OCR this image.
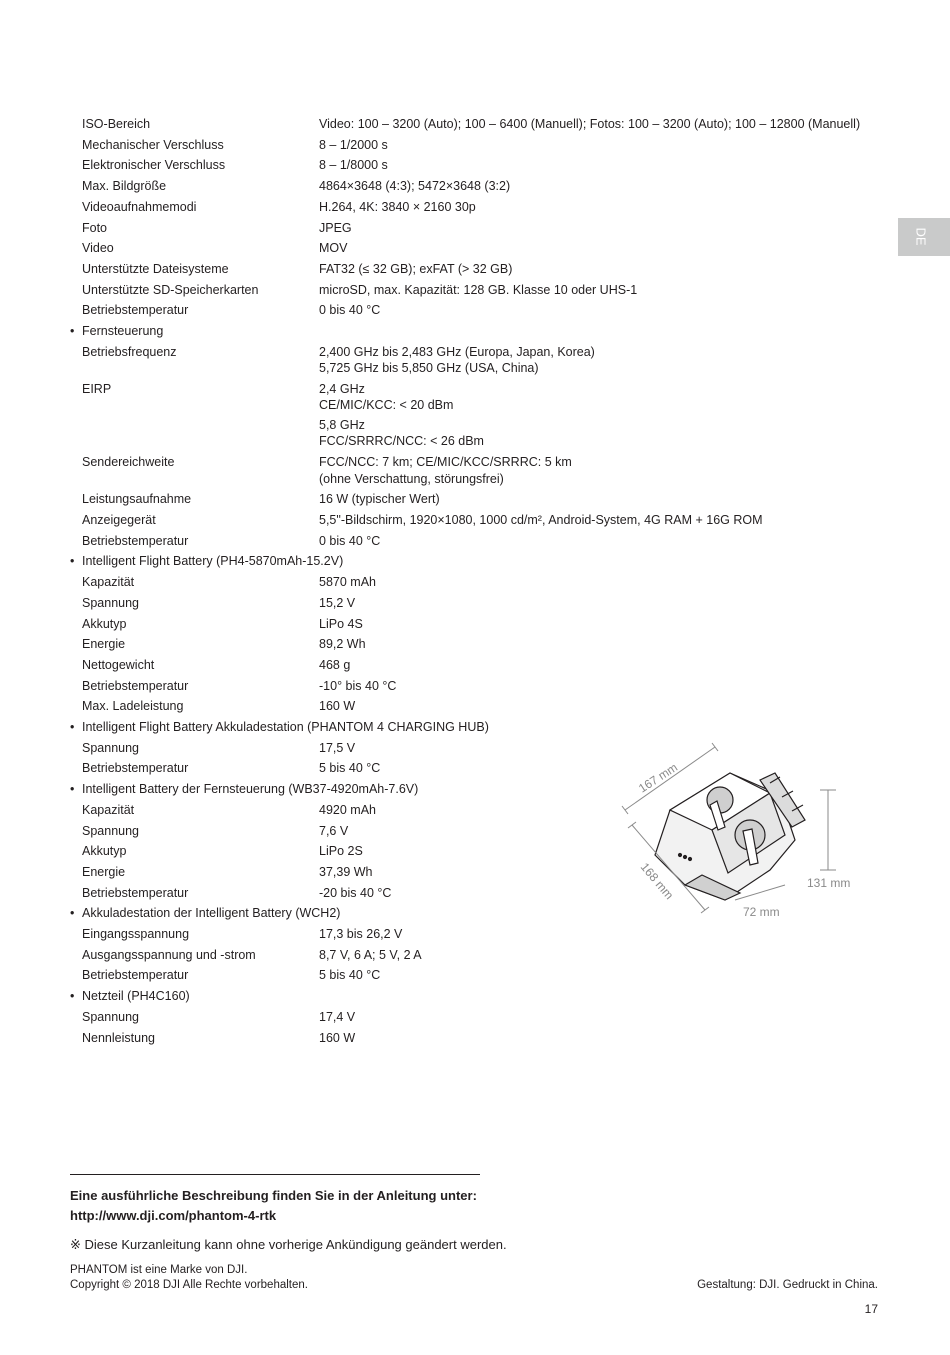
DE
ISO-Bereich	Video: 100 – 3200 (Auto); 100 – 6400 (Manuell); Fotos: 100 – 3200 (Auto); 100 – 12800 (Manuell)
Mechanischer Verschluss	8 – 1/2000 s
Elektronischer Verschluss	8 – 1/8000 s
Max. Bildgröße	4864×3648 (4:3); 5472×3648 (3:2)
Videoaufnahmemodi	H.264, 4K: 3840 × 2160 30p
Foto	JPEG
Video	MOV
Unterstützte Dateisysteme	FAT32 (≤ 32 GB); exFAT (> 32 GB)
Unterstützte SD-Speicherkarten	microSD, max. Kapazität: 128 GB. Klasse 10 oder UHS-1
Betriebstemperatur	0 bis 40 °C
• Fernsteuerung
Betriebsfrequenz	2,400 GHz bis 2,483 GHz (Europa, Japan, Korea)
5,725 GHz bis 5,850 GHz (USA, China)
EIRP	2,4 GHz
CE/MIC/KCC: < 20 dBm
5,8 GHz
FCC/SRRRC/NCC: < 26 dBm
Sendereichweite	FCC/NCC: 7 km; CE/MIC/KCC/SRRRC: 5 km
(ohne Verschattung, störungsfrei)
Leistungsaufnahme	16 W (typischer Wert)
Anzeigegerät	5,5"-Bildschirm, 1920×1080, 1000 cd/m², Android-System, 4G RAM + 16G ROM
Betriebstemperatur	0 bis 40 °C
• Intelligent Flight Battery (PH4-5870mAh-15.2V)
Kapazität	5870 mAh
Spannung	15,2 V
Akkutyp	LiPo 4S
Energie	89,2 Wh
Nettogewicht	468 g
Betriebstemperatur	-10° bis 40 °C
Max. Ladeleistung	160 W
• Intelligent Flight Battery Akkuladestation (PHANTOM 4 CHARGING HUB)
Spannung	17,5 V
Betriebstemperatur	5 bis 40 °C
• Intelligent Battery der Fernsteuerung (WB37-4920mAh-7.6V)
Kapazität	4920 mAh
Spannung	7,6 V
Akkutyp	LiPo 2S
Energie	37,39 Wh
Betriebstemperatur	-20 bis 40 °C
• Akkuladestation der Intelligent Battery (WCH2)
Eingangsspannung	17,3 bis 26,2 V
Ausgangsspannung und -strom	8,7 V, 6 A; 5 V, 2 A
Betriebstemperatur	5 bis 40 °C
• Netzteil (PH4C160)
Spannung	17,4 V
Nennleistung	160 W
167 mm
168 mm	131 mm
72 mm
Eine ausführliche Beschreibung finden Sie in der Anleitung unter:
http://www.dji.com/phantom-4-rtk
※ Diese Kurzanleitung kann ohne vorherige Ankündigung geändert werden.
PHANTOM ist eine Marke von DJI.
Copyright © 2018 DJI Alle Rechte vorbehalten.	Gestaltung: DJI. Gedruckt in China.
17
